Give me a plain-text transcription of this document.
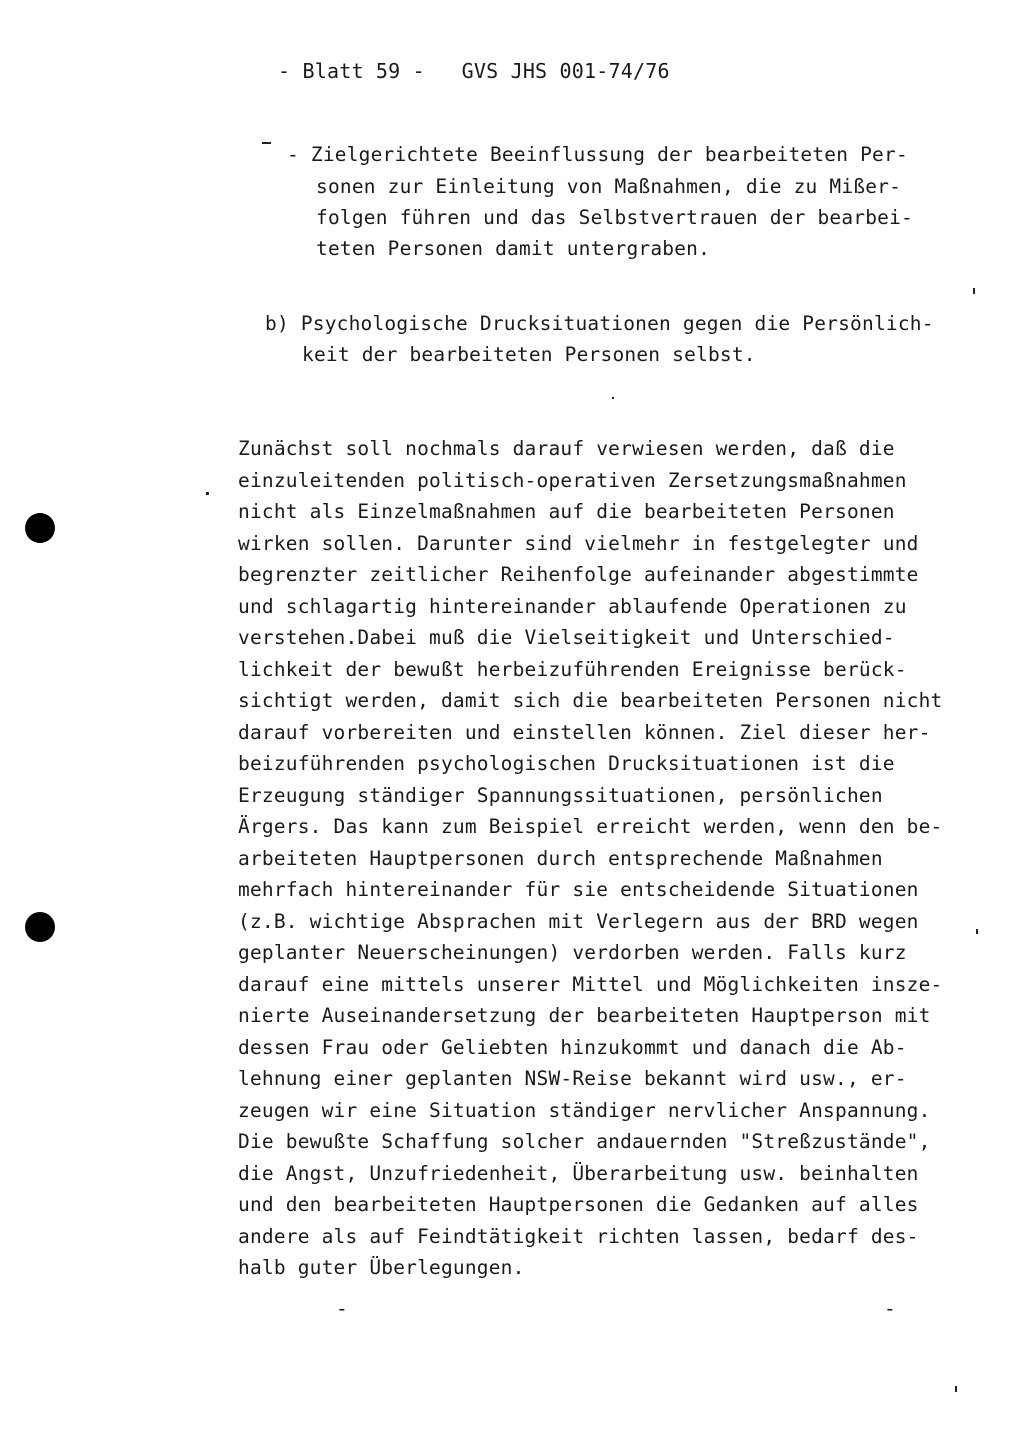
- Blatt 59 -   GVS JHS 001-74/76
- Zielgerichtete Beeinflussung der bearbeiteten Per-
sonen zur Einleitung von Maßnahmen, die zu Mißer-
folgen führen und das Selbstvertrauen der bearbei-
teten Personen damit untergraben.
b) Psychologische Drucksituationen gegen die Persönlich-
keit der bearbeiteten Personen selbst.
Zunächst soll nochmals darauf verwiesen werden, daß die
einzuleitenden politisch-operativen Zersetzungsmaßnahmen
nicht als Einzelmaßnahmen auf die bearbeiteten Personen
wirken sollen. Darunter sind vielmehr in festgelegter und
begrenzter zeitlicher Reihenfolge aufeinander abgestimmte
und schlagartig hintereinander ablaufende Operationen zu
verstehen.Dabei muß die Vielseitigkeit und Unterschied-
lichkeit der bewußt herbeizuführenden Ereignisse berück-
sichtigt werden, damit sich die bearbeiteten Personen nicht
darauf vorbereiten und einstellen können. Ziel dieser her-
beizuführenden psychologischen Drucksituationen ist die
Erzeugung ständiger Spannungssituationen, persönlichen
Ärgers. Das kann zum Beispiel erreicht werden, wenn den be-
arbeiteten Hauptpersonen durch entsprechende Maßnahmen
mehrfach hintereinander für sie entscheidende Situationen
(z.B. wichtige Absprachen mit Verlegern aus der BRD wegen
geplanter Neuerscheinungen) verdorben werden. Falls kurz
darauf eine mittels unserer Mittel und Möglichkeiten insze-
nierte Auseinandersetzung der bearbeiteten Hauptperson mit
dessen Frau oder Geliebten hinzukommt und danach die Ab-
lehnung einer geplanten NSW-Reise bekannt wird usw., er-
zeugen wir eine Situation ständiger nervlicher Anspannung.
Die bewußte Schaffung solcher andauernden "Streßzustände",
die Angst, Unzufriedenheit, Überarbeitung usw. beinhalten
und den bearbeiteten Hauptpersonen die Gedanken auf alles
andere als auf Feindtätigkeit richten lassen, bedarf des-
halb guter Überlegungen.
-	-
